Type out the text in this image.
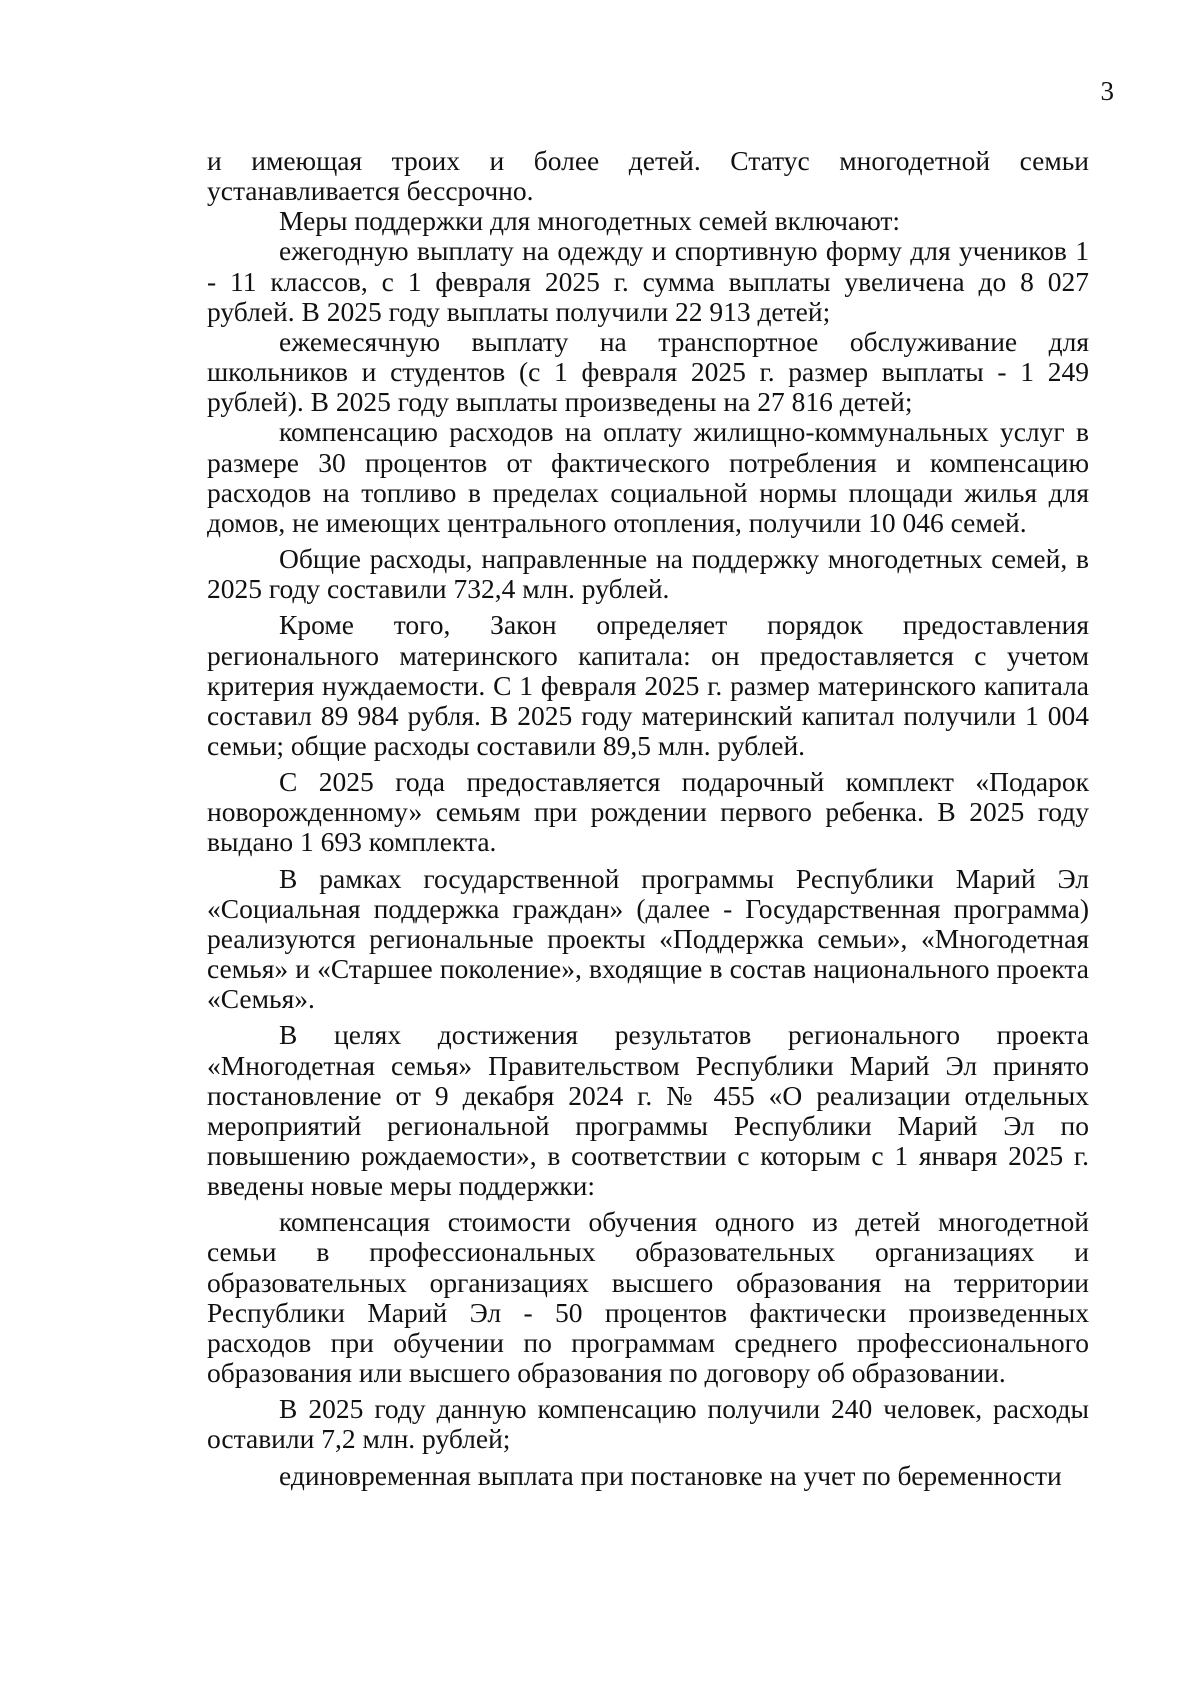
3

и имеющая троих и более детей. Статус многодетной семьи устанавливается бессрочно.

Меры поддержки для многодетных семей включают:

ежегодную выплату на одежду и спортивную форму для учеников 1 - 11 классов, с 1 февраля 2025 г. сумма выплаты увеличена до 8 027 рублей. В 2025 году выплаты получили 22 913 детей;

ежемесячную выплату на транспортное обслуживание для школьников и студентов (с 1 февраля 2025 г. размер выплаты - 1 249 рублей). В 2025 году выплаты произведены на 27 816 детей;

компенсацию расходов на оплату жилищно-коммунальных услуг в размере 30 процентов от фактического потребления и компенсацию расходов на топливо в пределах социальной нормы площади жилья для домов, не имеющих центрального отопления, получили 10 046 семей.

Общие расходы, направленные на поддержку многодетных семей, в 2025 году составили 732,4 млн. рублей.

Кроме того, Закон определяет порядок предоставления регионального материнского капитала: он предоставляется с учетом критерия нуждаемости. С 1 февраля 2025 г. размер материнского капитала составил 89 984 рубля. В 2025 году материнский капитал получили 1 004 семьи; общие расходы составили 89,5 млн. рублей.

С 2025 года предоставляется подарочный комплект «Подарок новорожденному» семьям при рождении первого ребенка. В 2025 году выдано 1 693 комплекта.

В рамках государственной программы Республики Марий Эл «Социальная поддержка граждан» (далее - Государственная программа) реализуются региональные проекты «Поддержка семьи», «Многодетная семья» и «Старшее поколение», входящие в состав национального проекта «Семья».

В целях достижения результатов регионального проекта «Многодетная семья» Правительством Республики Марий Эл принято постановление от 9 декабря 2024 г. № 455 «О реализации отдельных мероприятий региональной программы Республики Марий Эл по повышению рождаемости», в соответствии с которым с 1 января 2025 г. введены новые меры поддержки:

компенсация стоимости обучения одного из детей многодетной семьи в профессиональных образовательных организациях и образовательных организациях высшего образования на территории Республики Марий Эл - 50 процентов фактически произведенных расходов при обучении по программам среднего профессионального образования или высшего образования по договору об образовании.

В 2025 году данную компенсацию получили 240 человек, расходы оставили 7,2 млн. рублей;

единовременная выплата при постановке на учет по беременности
